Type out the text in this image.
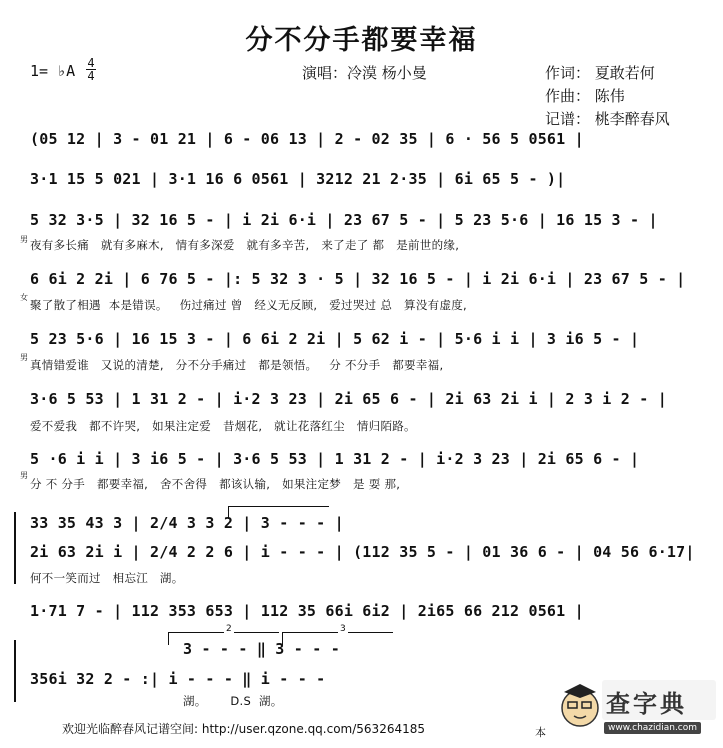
分不分手都要幸福
1= ♭A 4
4	演唱：冷漠 杨小曼	作词： 夏敢若何
作曲： 陈伟
记谱： 桃李醉春风
(05 12 | 3 - 01 21 | 6 - 06 13 | 2 - 02 35 | 6 · 56 5 0561 |
3·1 15 5 021 | 3·1 16 6 0561 | 3212 21 2·35 | 6i 65 5 - )|
5 32 3·5 | 32 16 5 - | i 2i 6·i | 23 67 5 - | 5 23 5·6 | 16 15 3 - |
男 夜有多长痛   就有多麻木,   情有多深爱   就有多辛苦,   来了走了 都   是前世的缘,
6 6i 2 2i | 6 76 5 - |: 5 32 3 · 5 | 32 16 5 - | i 2i 6·i | 23 67 5 - |
女
聚了散了相遇  本是错误。   伤过痛过 曾   经义无反顾,   爱过哭过 总   算没有虚度,
5 23 5·6 | 16 15 3 - | 6 6i 2 2i | 5 62 i - | 5·6 i i | 3 i6 5 - |
男
真情错爱谁   又说的清楚,   分不分手痛过   都是领悟。   分 不分手   都要幸福,
3·6 5 53 | 1 31 2 - | i·2 3 23 | 2i 65 6 - | 2i 63 2i i | 2 3 i 2 - |
爱不爱我   都不许哭,   如果注定爱   昔烟花,   就让花落红尘   情归陌路。
5 ·6 i i | 3 i6 5 - | 3·6 5 53 | 1 31 2 - | i·2 3 23 | 2i 65 6 - |
男
分 不 分手   都要幸福,   舍不舍得   都该认输,   如果注定梦   是 耍 那,
33 35 43 3 | 2/4 3 3 2 | 3 - - - |
2i 63 2i i | 2/4 2 2 6 | i - - - | (112 35 5 - | 01 36 6 - | 04 56 6·17|
何不一笑而过   相忘江   湖。
1·71 7 - | 112 353 653 | 112 35 66i 6i2 | 2i65 66 212 0561 |
2	3
3 - - - ‖ 3 - - -
356i 32 2 - :| i - - - ‖ i - - -
湖。      D.S  湖。
欢迎光临醉春风记谱空间: http://user.qzone.qq.com/563264185	本
查字典
www.chazidian.com
